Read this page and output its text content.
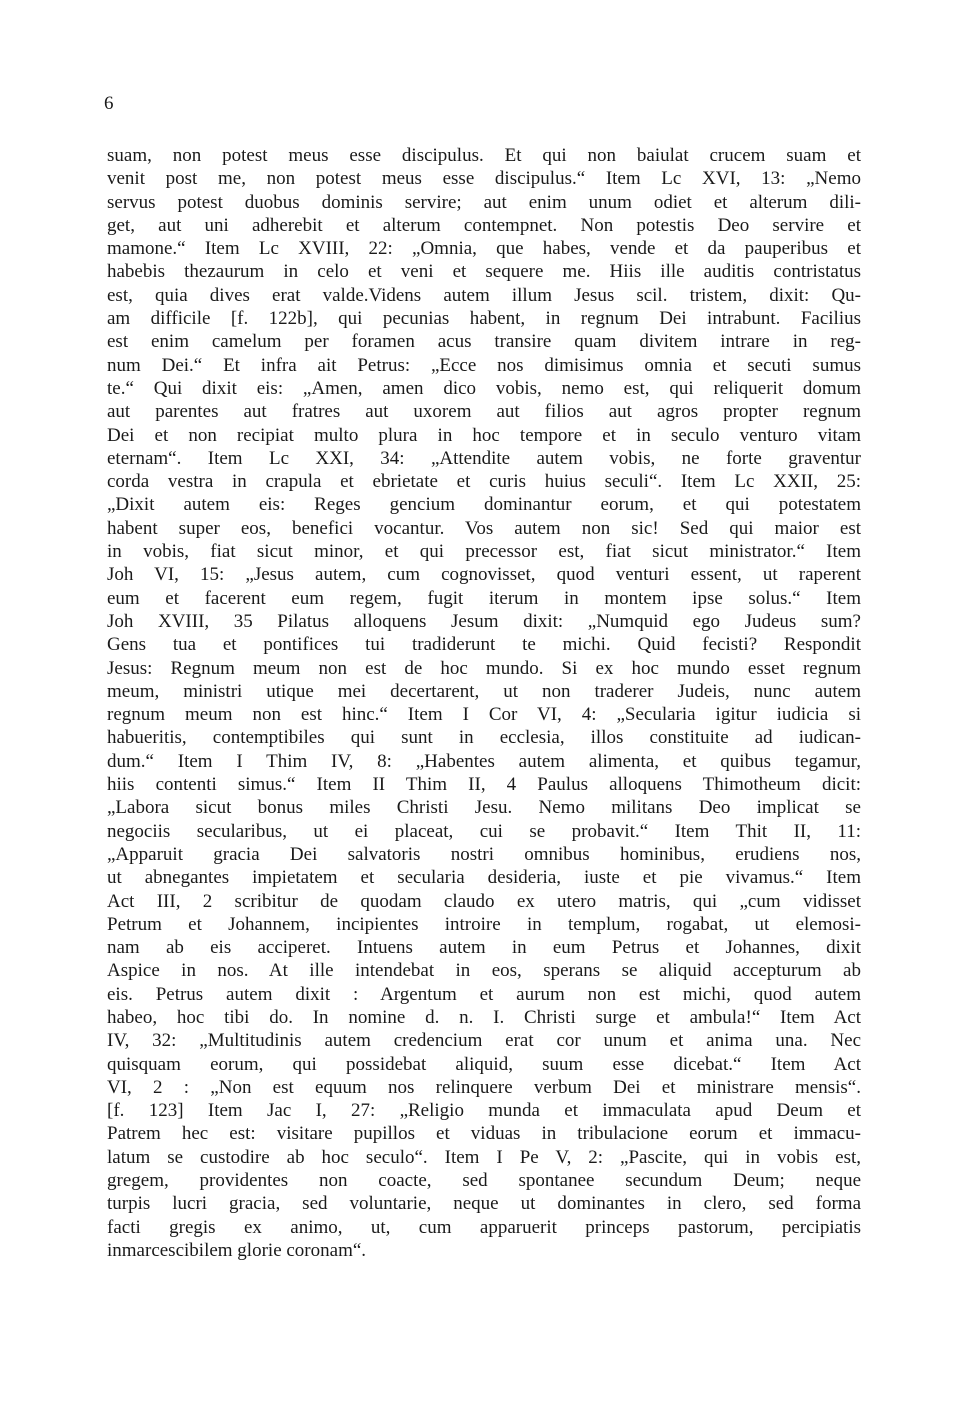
6
suam, non potest meus esse discipulus. Et qui non baiulat crucem suam et
venit post me, non potest meus esse discipulus.“ Item Lc XVI, 13: „Nemo
servus potest duobus dominis servire; aut enim unum odiet et alterum dili-
get, aut uni adherebit et alterum contempnet. Non potestis Deo servire et
mamone.“ Item Lc XVIII, 22: „Omnia, que habes, vende et da pauperibus et
habebis thezaurum in celo et veni et sequere me. Hiis ille auditis contristatus
est, quia dives erat valde.Videns autem illum Jesus scil. tristem, dixit: Qu-
am difficile [f. 122b], qui pecunias habent, in regnum Dei intrabunt. Facilius
est enim camelum per foramen acus transire quam divitem intrare in reg-
num Dei.“ Et infra ait Petrus: „Ecce nos dimisimus omnia et secuti sumus
te.“ Qui dixit eis: „Amen, amen dico vobis, nemo est, qui reliquerit domum
aut parentes aut fratres aut uxorem aut filios aut agros propter regnum
Dei et non recipiat multo plura in hoc tempore et in seculo venturo vitam
eternam“. Item Lc XXI, 34: „Attendite autem vobis, ne forte graventur
corda vestra in crapula et ebrietate et curis huius seculi“. Item Lc XXII, 25:
„Dixit autem eis: Reges gencium dominantur eorum, et qui potestatem
habent super eos, benefici vocantur. Vos autem non sic! Sed qui maior est
in vobis, fiat sicut minor, et qui precessor est, fiat sicut ministrator.“ Item
Joh VI, 15: „Jesus autem, cum cognovisset, quod venturi essent, ut raperent
eum et facerent eum regem, fugit iterum in montem ipse solus.“ Item
Joh XVIII, 35 Pilatus alloquens Jesum dixit: „Numquid ego Judeus sum?
Gens tua et pontifices tui tradiderunt te michi. Quid fecisti? Respondit
Jesus: Regnum meum non est de hoc mundo. Si ex hoc mundo esset regnum
meum, ministri utique mei decertarent, ut non traderer Judeis, nunc autem
regnum meum non est hinc.“ Item I Cor VI, 4: „Secularia igitur iudicia si
habueritis, contemptibiles qui sunt in ecclesia, illos constituite ad iudican-
dum.“ Item I Thim IV, 8: „Habentes autem alimenta, et quibus tegamur,
hiis contenti simus.“ Item II Thim II, 4 Paulus alloquens Thimotheum dicit:
„Labora sicut bonus miles Christi Jesu. Nemo militans Deo implicat se
negociis secularibus, ut ei placeat, cui se probavit.“ Item Thit II, 11:
„Apparuit gracia Dei salvatoris nostri omnibus hominibus, erudiens nos,
ut abnegantes impietatem et secularia desideria, iuste et pie vivamus.“ Item
Act III, 2 scribitur de quodam claudo ex utero matris, qui „cum vidisset
Petrum et Johannem, incipientes introire in templum, rogabat, ut elemosi-
nam ab eis acciperet. Intuens autem in eum Petrus et Johannes, dixit
Aspice in nos. At ille intendebat in eos, sperans se aliquid accepturum ab
eis. Petrus autem dixit : Argentum et aurum non est michi, quod autem
habeo, hoc tibi do. In nomine d. n. I. Christi surge et ambula!“ Item Act
IV, 32: „Multitudinis autem credencium erat cor unum et anima una. Nec
quisquam eorum, qui possidebat aliquid, suum esse dicebat.“ Item Act
VI, 2 : „Non est equum nos relinquere verbum Dei et ministrare mensis“.
[f. 123] Item Jac I, 27: „Religio munda et immaculata apud Deum et
Patrem hec est: visitare pupillos et viduas in tribulacione eorum et immacu-
latum se custodire ab hoc seculo“. Item I Pe V, 2: „Pascite, qui in vobis est,
gregem, providentes non coacte, sed spontanee secundum Deum; neque
turpis lucri gracia, sed voluntarie, neque ut dominantes in clero, sed forma
facti gregis ex animo, ut, cum apparuerit princeps pastorum, percipiatis
inmarcescibilem glorie coronam“.
